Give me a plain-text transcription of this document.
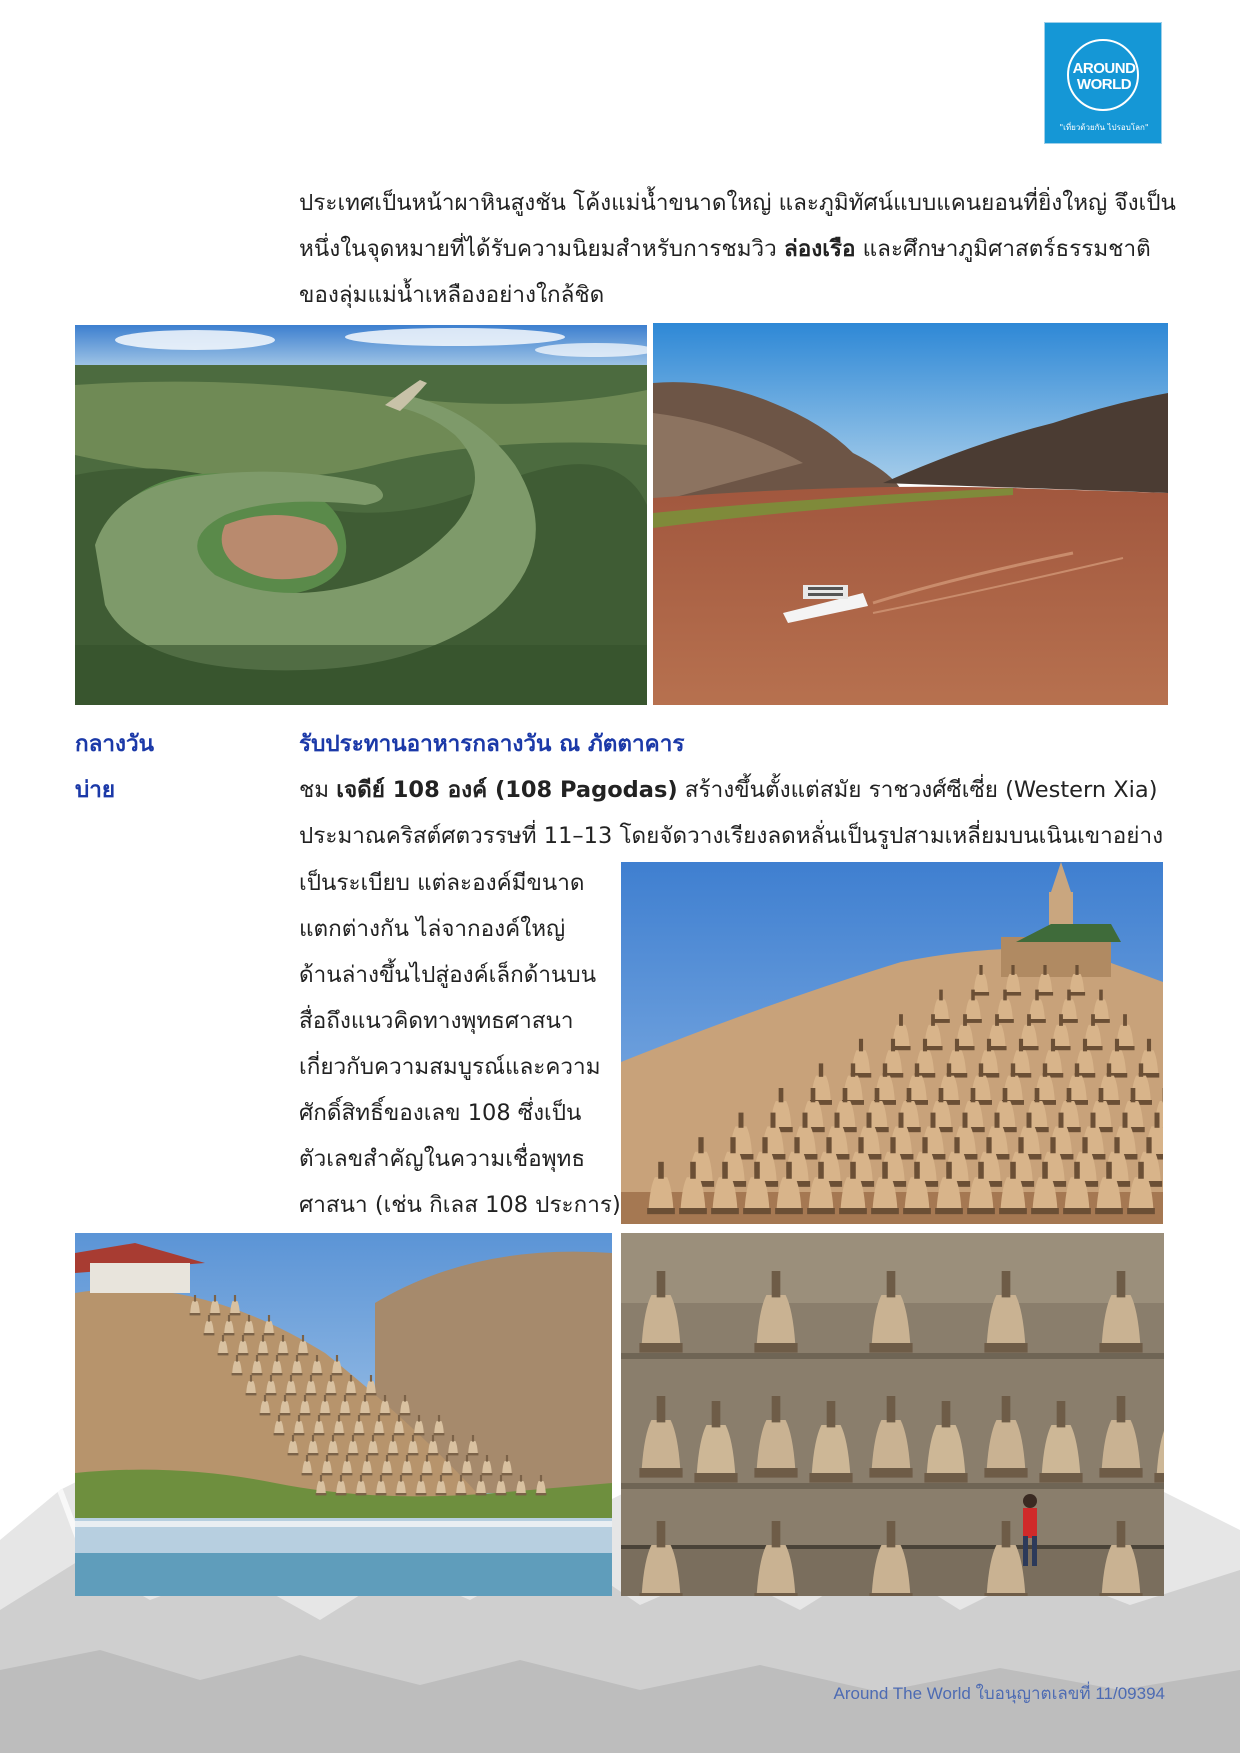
AROUND
WORLD
"เที่ยวด้วยกัน ไปรอบโลก"
ประเทศเป็นหน้าผาหินสูงชัน โค้งแม่น้ำขนาดใหญ่ และภูมิทัศน์แบบแคนยอนที่ยิ่งใหญ่ จึงเป็น
หนึ่งในจุดหมายที่ได้รับความนิยมสำหรับการชมวิว ล่องเรือ และศึกษาภูมิศาสตร์ธรรมชาติ
ของลุ่มแม่น้ำเหลืองอย่างใกล้ชิด
กลางวัน	รับประทานอาหารกลางวัน ณ ภัตตาคาร
บ่าย	ชม เจดีย์ 108 องค์ (108 Pagodas) สร้างขึ้นตั้งแต่สมัย ราชวงศ์ซีเซี่ย (Western Xia)
ประมาณคริสต์ศตวรรษที่ 11–13 โดยจัดวางเรียงลดหลั่นเป็นรูปสามเหลี่ยมบนเนินเขาอย่าง
เป็นระเบียบ แต่ละองค์มีขนาด
แตกต่างกัน ไล่จากองค์ใหญ่
ด้านล่างขึ้นไปสู่องค์เล็กด้านบน
สื่อถึงแนวคิดทางพุทธศาสนา
เกี่ยวกับความสมบูรณ์และความ
ศักดิ์สิทธิ์ของเลข 108 ซึ่งเป็น
ตัวเลขสำคัญในความเชื่อพุทธ
ศาสนา (เช่น กิเลส 108 ประการ)
Around The World ใบอนุญาตเลขที่ 11/09394
